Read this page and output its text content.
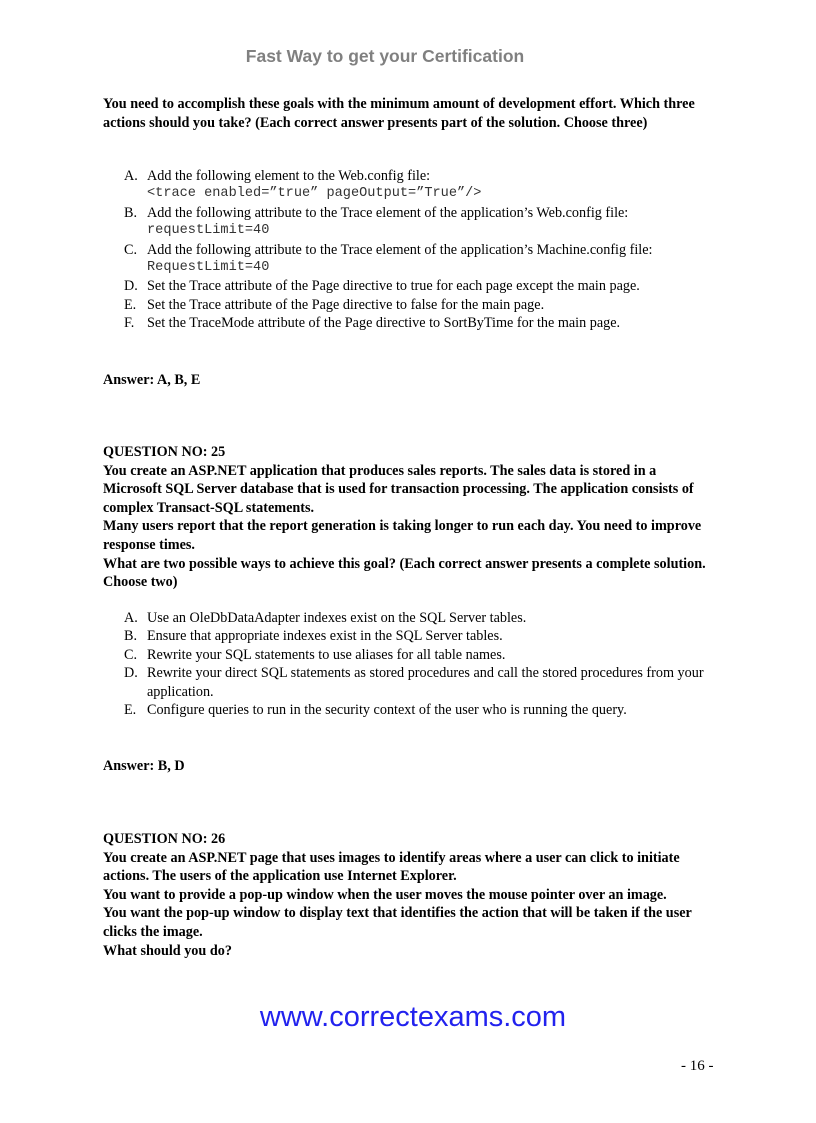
Fast Way to get your Certification
You need to accomplish these goals with the minimum amount of development effort. Which three actions should you take? (Each correct answer presents part of the solution. Choose three)
A. Add the following element to the Web.config file:
<trace enabled=”true” pageOutput=”True”/>
B. Add the following attribute to the Trace element of the application’s Web.config file:
requestLimit=40
C. Add the following attribute to the Trace element of the application’s Machine.config file:
RequestLimit=40
D. Set the Trace attribute of the Page directive to true for each page except the main page.
E. Set the Trace attribute of the Page directive to false for the main page.
F. Set the TraceMode attribute of the Page directive to SortByTime for the main page.
Answer: A, B, E
QUESTION NO: 25
You create an ASP.NET application that produces sales reports. The sales data is stored in a Microsoft SQL Server database that is used for transaction processing. The application consists of complex Transact-SQL statements.
Many users report that the report generation is taking longer to run each day. You need to improve response times.
What are two possible ways to achieve this goal? (Each correct answer presents a complete solution. Choose two)
A. Use an OleDbDataAdapter indexes exist on the SQL Server tables.
B. Ensure that appropriate indexes exist in the SQL Server tables.
C. Rewrite your SQL statements to use aliases for all table names.
D. Rewrite your direct SQL statements as stored procedures and call the stored procedures from your application.
E. Configure queries to run in the security context of the user who is running the query.
Answer: B, D
QUESTION NO: 26
You create an ASP.NET page that uses images to identify areas where a user can click to initiate actions. The users of the application use Internet Explorer.
You want to provide a pop-up window when the user moves the mouse pointer over an image.
You want the pop-up window to display text that identifies the action that will be taken if the user clicks the image.
What should you do?
www.correctexams.com
- 16 -
